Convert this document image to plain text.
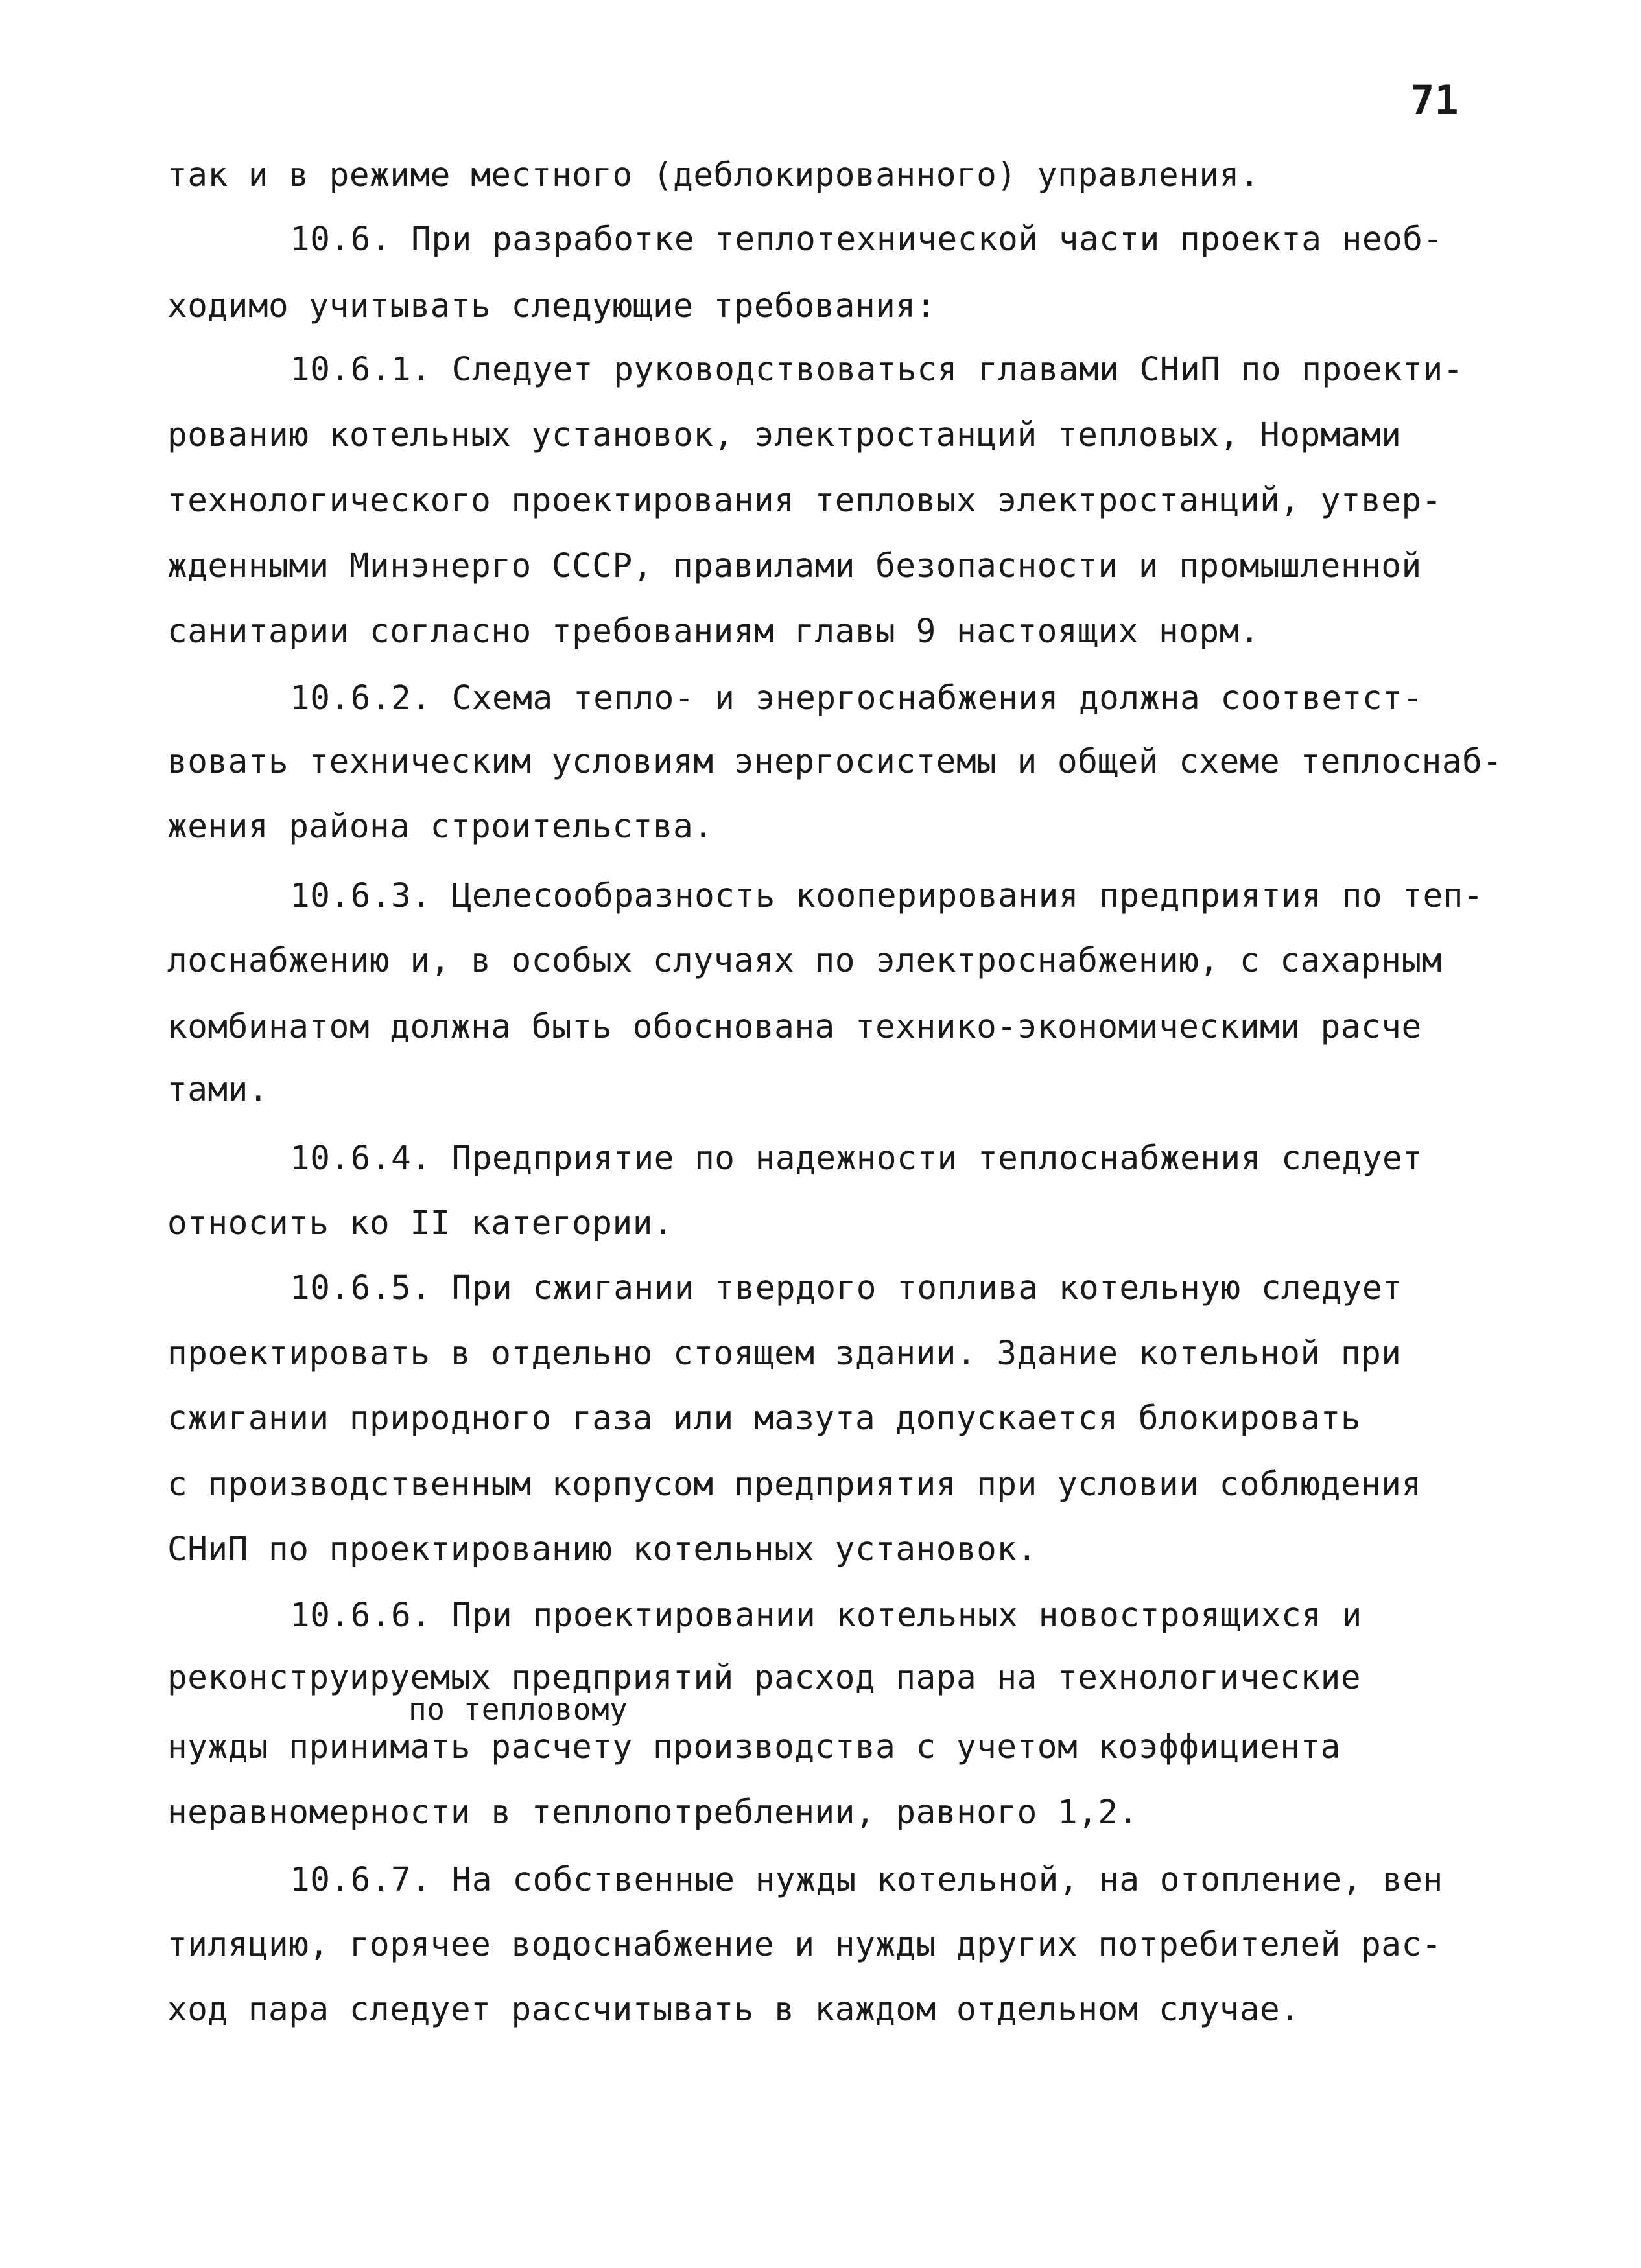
71
так и в режиме местного (деблокированного) управления.
10.6. При разработке теплотехнической части проекта необ-
ходимо учитывать следующие требования:
10.6.1. Следует руководствоваться главами СНиП по проекти-
рованию котельных установок, электростанций тепловых, Нормами
технологического проектирования тепловых электростанций, утвер-
жденными Минэнерго СССР, правилами безопасности и промышленной
санитарии согласно требованиям главы 9 настоящих норм.
10.6.2. Схема тепло- и энергоснабжения должна соответст-
вовать техническим условиям энергосистемы и общей схеме теплоснаб-
жения района строительства.
10.6.3. Целесообразность кооперирования предприятия по теп-
лоснабжению и, в особых случаях по электроснабжению, с сахарным
комбинатом должна быть обоснована технико-экономическими расче
тами.
10.6.4. Предприятие по надежности теплоснабжения следует
относить ко II категории.
10.6.5. При сжигании твердого топлива котельную следует
проектировать в отдельно стоящем здании. Здание котельной при
сжигании природного газа или мазута допускается блокировать
с производственным корпусом предприятия при условии соблюдения
СНиП по проектированию котельных установок.
10.6.6. При проектировании котельных новостроящихся и
реконструируемых предприятий расход пара на технологические
по тепловому
нужды принимать расчету производства с учетом коэффициента
неравномерности в теплопотреблении, равного 1,2.
10.6.7. На собственные нужды котельной, на отопление, вен
тиляцию, горячее водоснабжение и нужды других потребителей рас-
ход пара следует рассчитывать в каждом отдельном случае.
